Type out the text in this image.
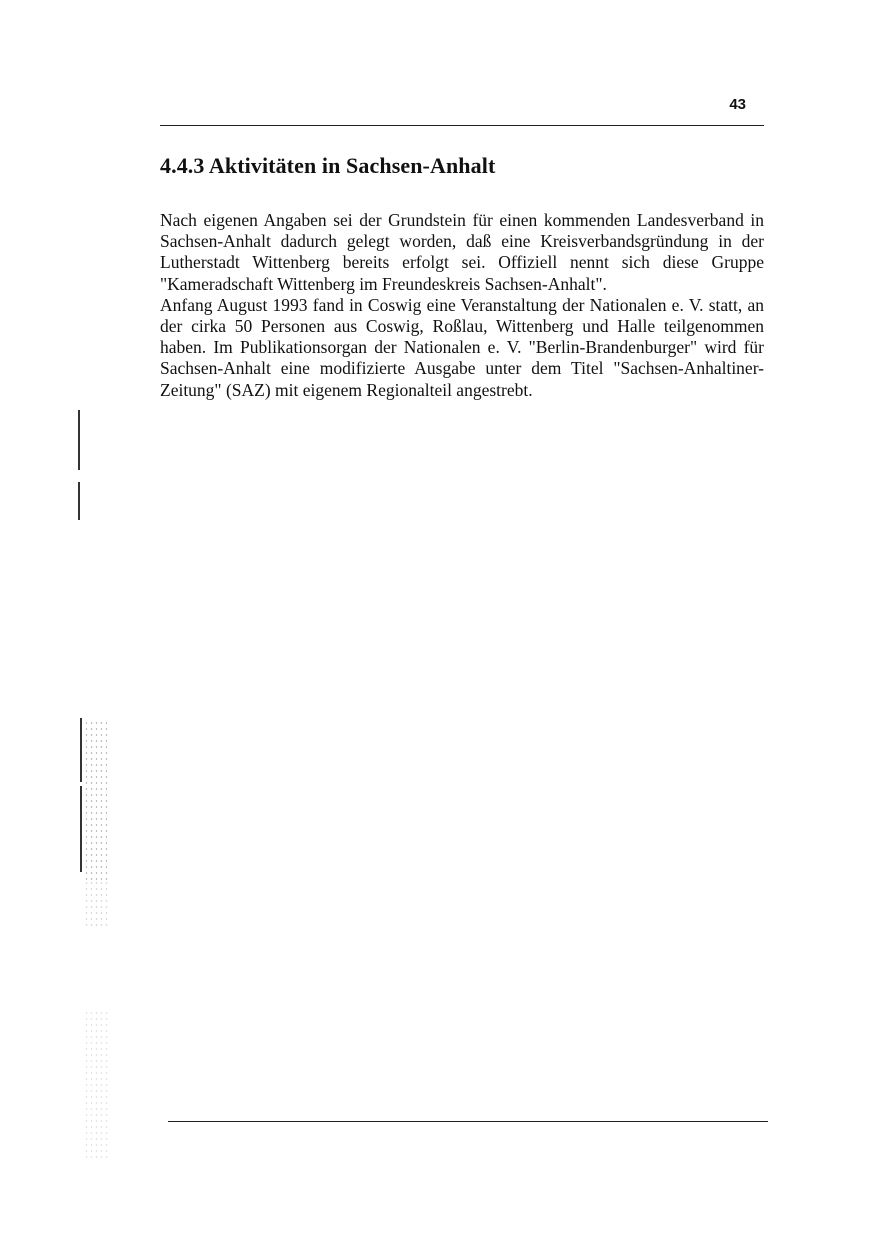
43
4.4.3 Aktivitäten in Sachsen-Anhalt

Nach eigenen Angaben sei der Grundstein für einen kommenden Landesverband in Sachsen-Anhalt dadurch gelegt worden, daß eine Kreisverbandsgründung in der Lutherstadt Wittenberg bereits erfolgt sei. Offiziell nennt sich diese Gruppe "Kameradschaft Wittenberg im Freundeskreis Sachsen-Anhalt".

Anfang August 1993 fand in Coswig eine Veranstaltung der Nationalen e. V. statt, an der cirka 50 Personen aus Coswig, Roßlau, Wittenberg und Halle teilgenommen haben. Im Publikationsorgan der Nationalen e. V. "Berlin-Brandenburger" wird für Sachsen-Anhalt eine modifizierte Ausgabe unter dem Titel "Sachsen-Anhaltiner-Zeitung" (SAZ) mit eigenem Regionalteil angestrebt.
